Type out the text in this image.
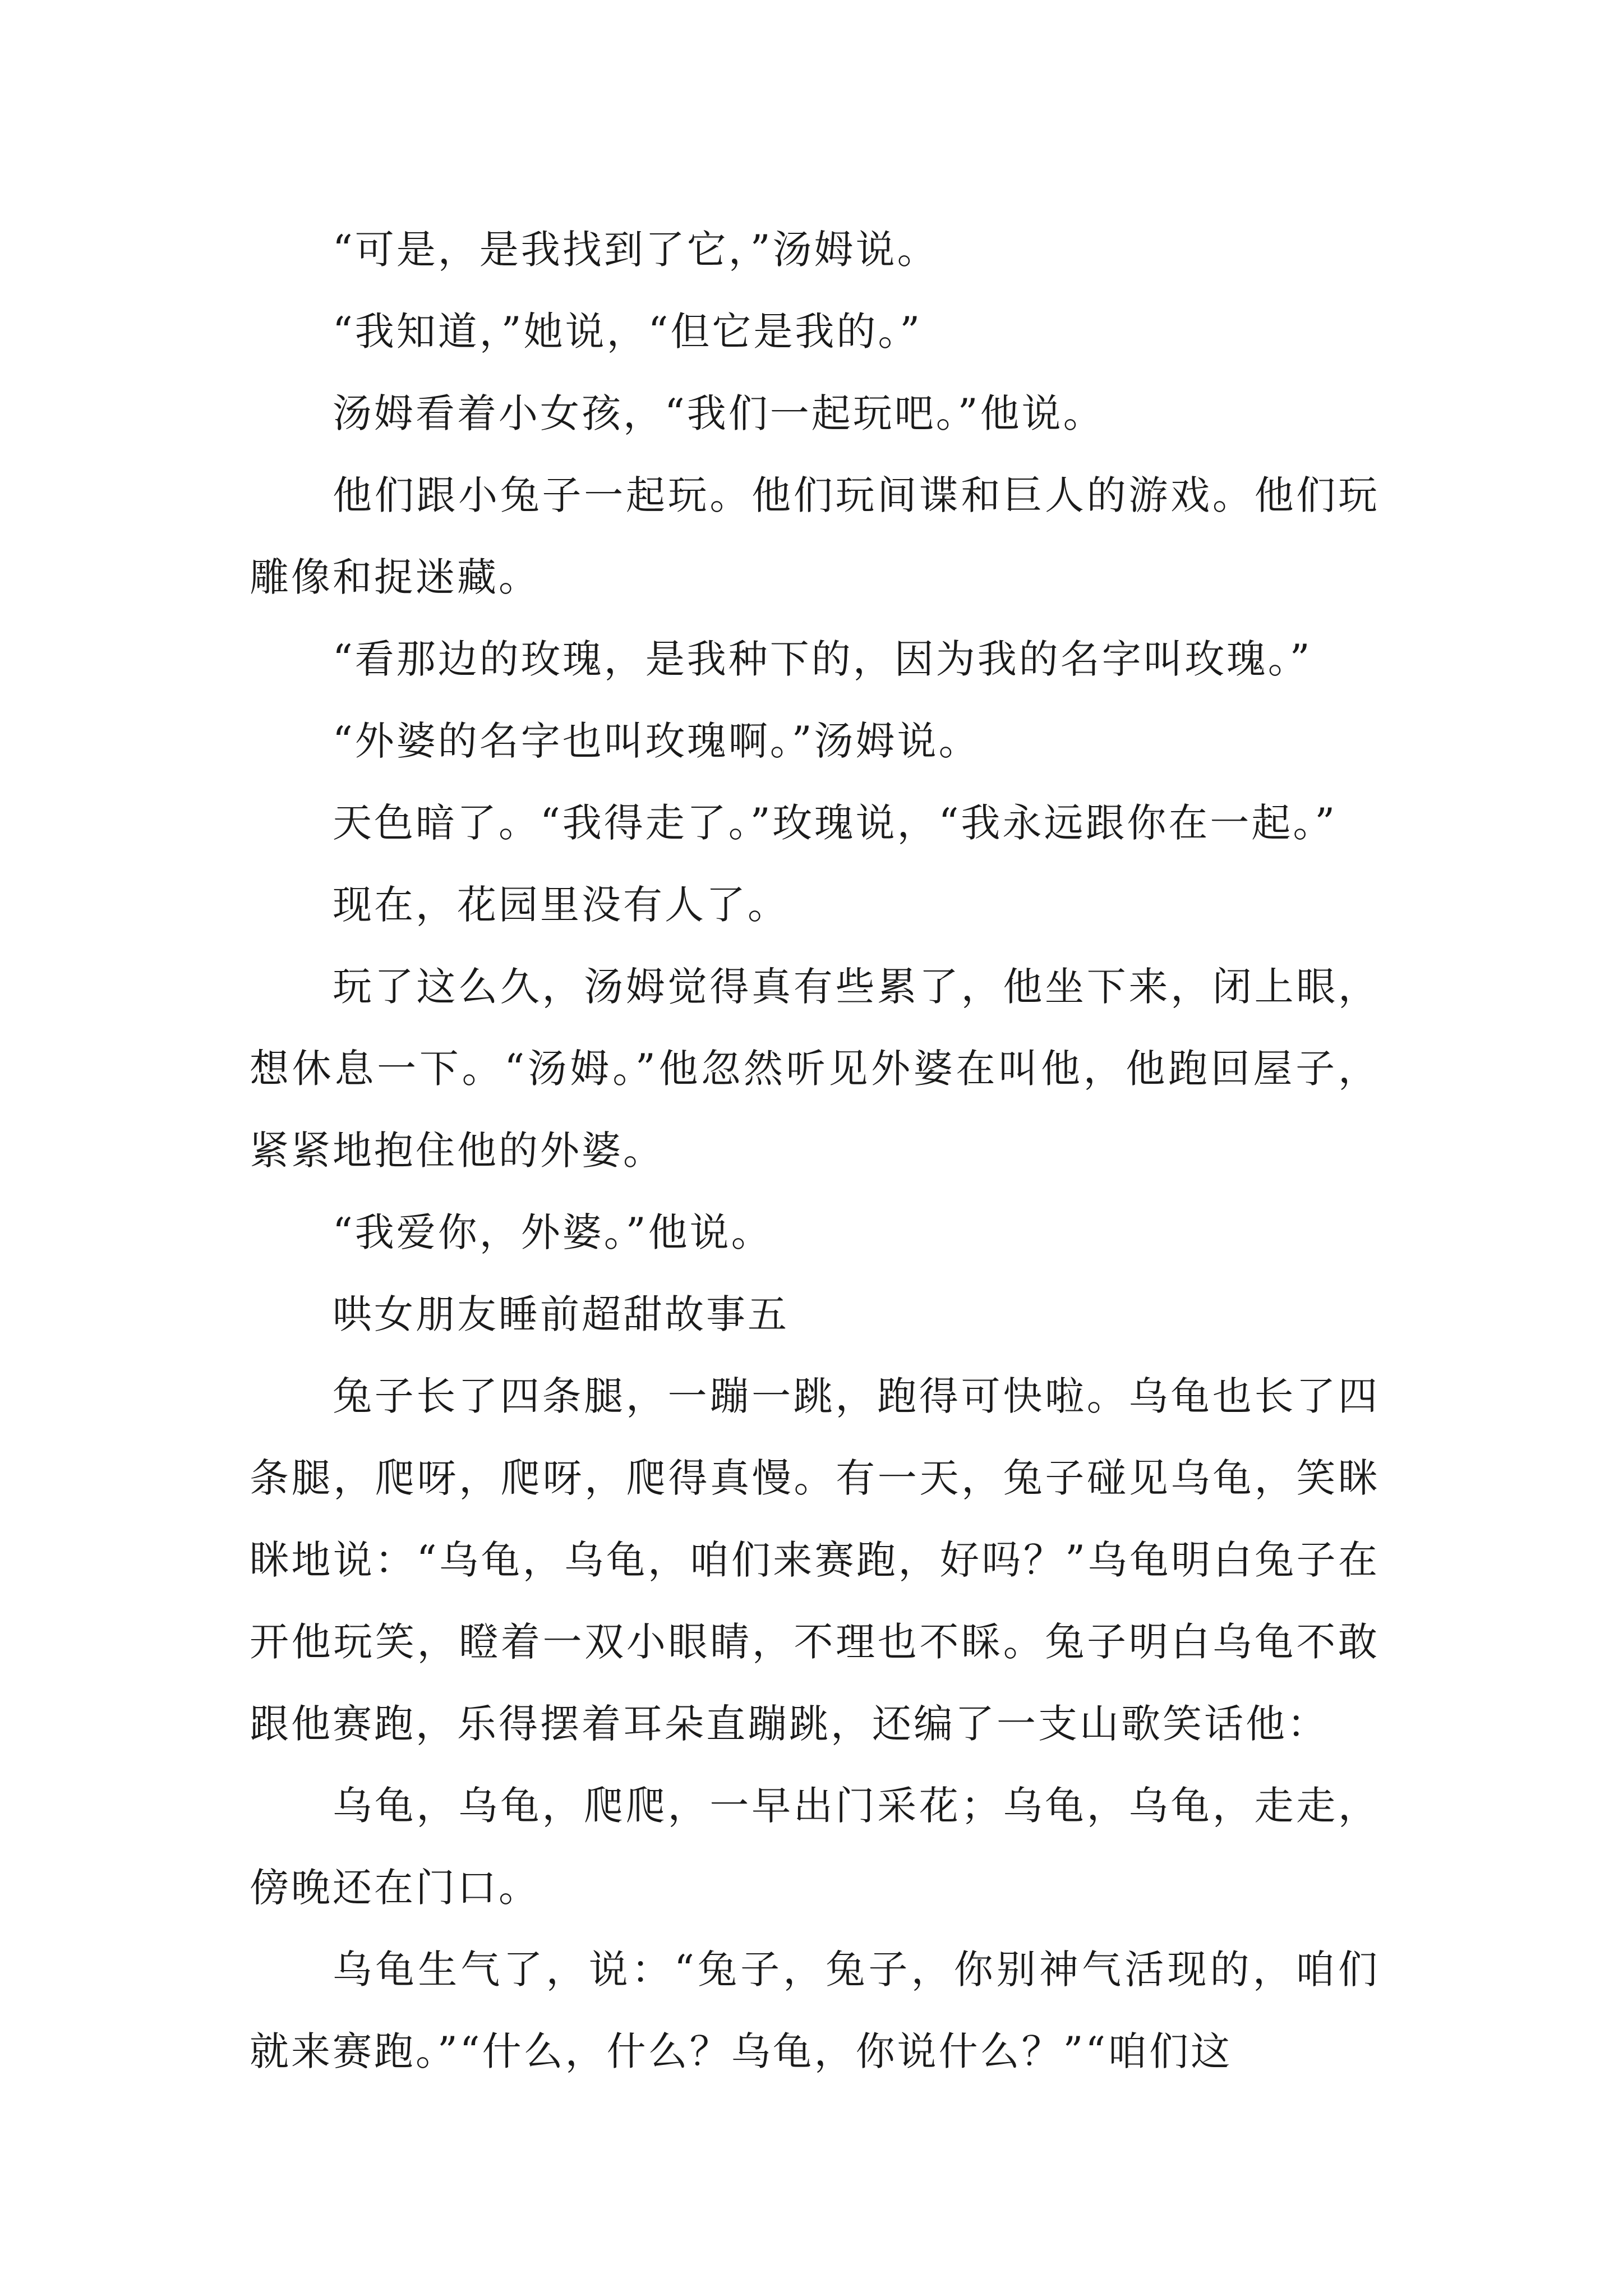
“可是，是我找到了它，”汤姆说。

“我知道，”她说，“但它是我的。”

汤姆看着小女孩，“我们一起玩吧。”他说。

他们跟小兔子一起玩。他们玩间谍和巨人的游戏。他们玩雕像和捉迷藏。

“看那边的玫瑰，是我种下的，因为我的名字叫玫瑰。”

“外婆的名字也叫玫瑰啊。”汤姆说。

天色暗了。“我得走了。”玫瑰说，“我永远跟你在一起。”

现在，花园里没有人了。

玩了这么久，汤姆觉得真有些累了，他坐下来，闭上眼，想休息一下。“汤姆。”他忽然听见外婆在叫他，他跑回屋子，紧紧地抱住他的外婆。

“我爱你，外婆。”他说。

哄女朋友睡前超甜故事五

兔子长了四条腿，一蹦一跳，跑得可快啦。乌龟也长了四条腿，爬呀，爬呀，爬得真慢。有一天，兔子碰见乌龟，笑眯眯地说：“乌龟，乌龟，咱们来赛跑，好吗？”乌龟明白兔子在开他玩笑，瞪着一双小眼睛，不理也不睬。兔子明白乌龟不敢跟他赛跑，乐得摆着耳朵直蹦跳，还编了一支山歌笑话他：

乌龟，乌龟，爬爬，一早出门采花；乌龟，乌龟，走走，傍晚还在门口。

乌龟生气了，说：“兔子，兔子，你别神气活现的，咱们就来赛跑。”“什么，什么？乌龟，你说什么？”“咱们这
